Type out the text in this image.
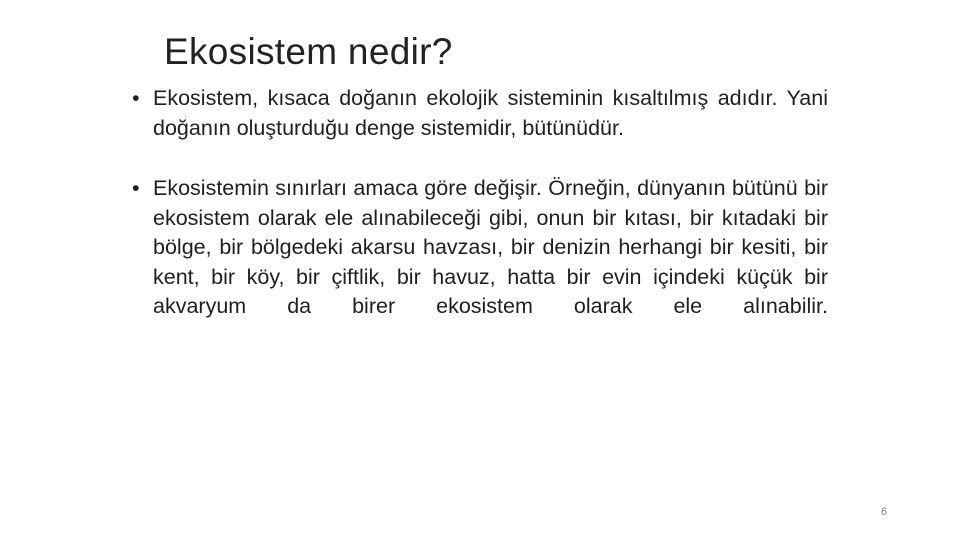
Ekosistem nedir?
• Ekosistem, kısaca doğanın ekolojik sisteminin kısaltılmış adıdır. Yani doğanın oluşturduğu denge sistemidir, bütünüdür.
• Ekosistemin sınırları amaca göre değişir. Örneğin, dünyanın bütünü bir ekosistem olarak ele alınabileceği gibi, onun bir kıtası, bir kıtadaki bir bölge, bir bölgedeki akarsu havzası, bir denizin herhangi bir kesiti, bir kent, bir köy, bir çiftlik, bir havuz, hatta bir evin içindeki küçük bir akvaryum da birer ekosistem olarak ele alınabilir.
6
